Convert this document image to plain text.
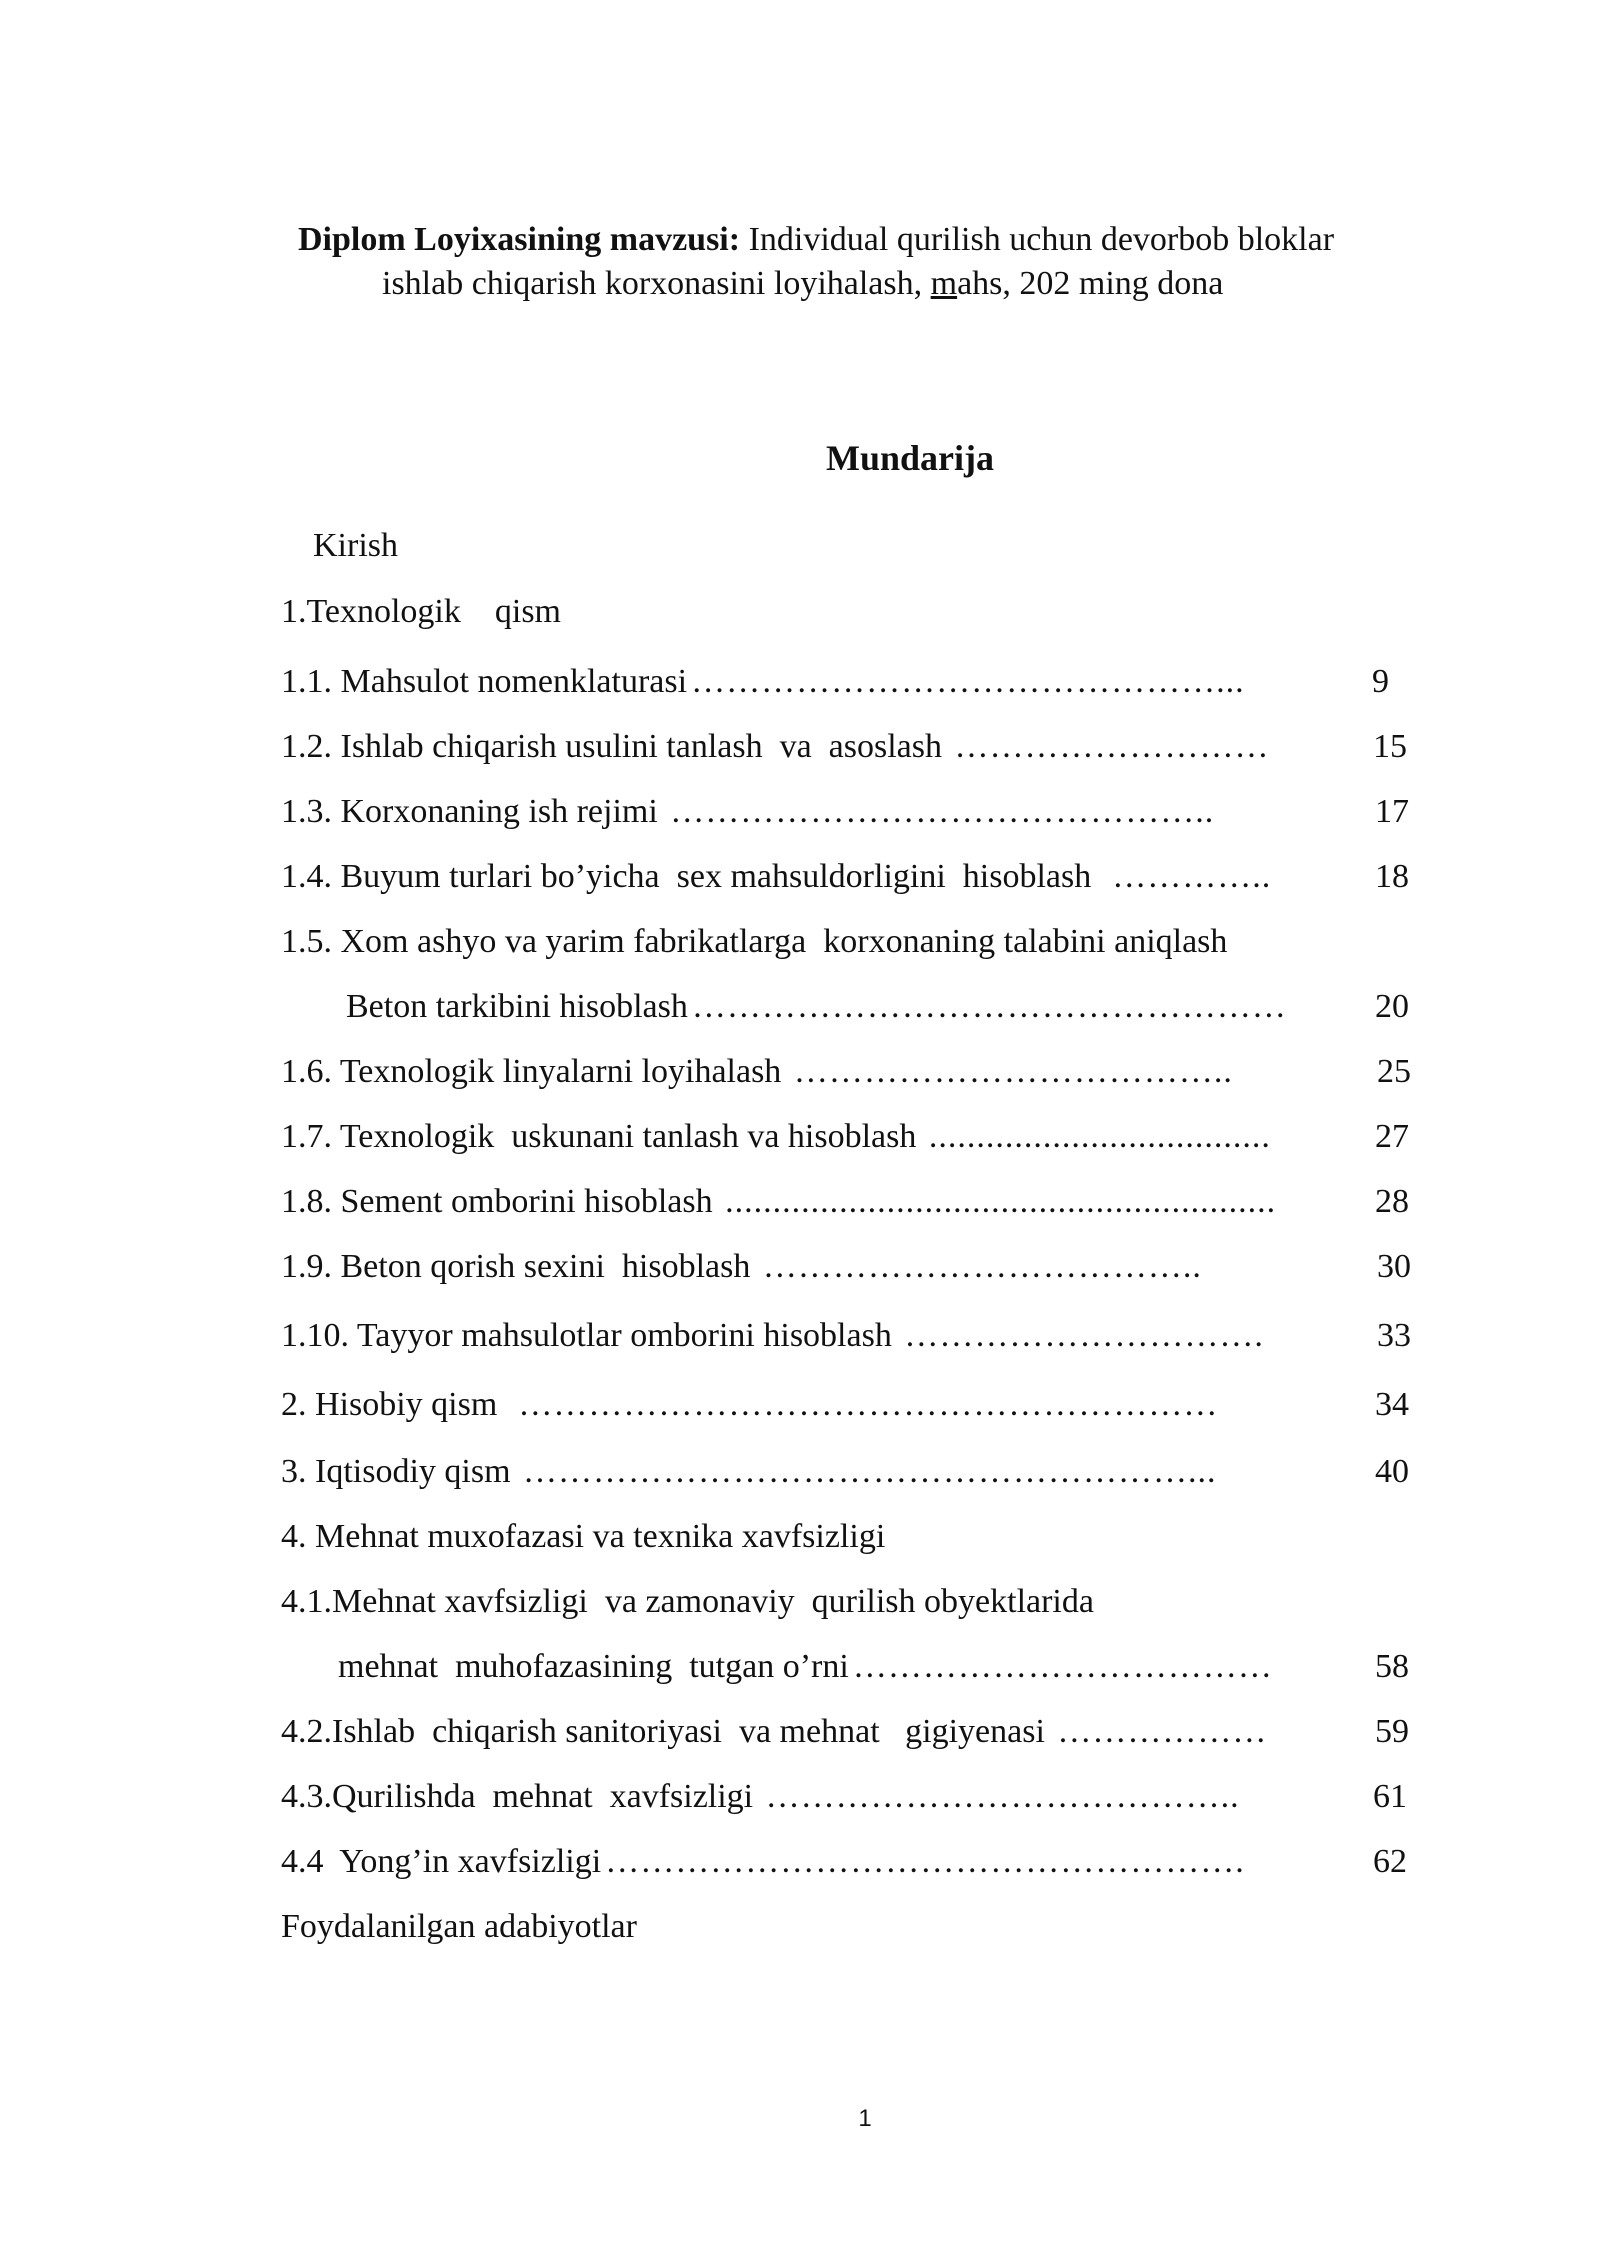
Diplom Loyixasining mavzusi: Individual qurilish uchun devorbob bloklar
ishlab chiqarish korxonasini loyihalash, mahs, 202 ming dona
Mundarija
Kirish
1.Texnologik    qism
1.1. Mahsulot nomenklaturasi ………………………………………...	9
1.2. Ishlab chiqarish usulini tanlash  va  asoslash ………………………	15
1.3. Korxonaning ish rejimi ………………………………………..	17
1.4. Buyum turlari bo’yicha  sex mahsuldorligini  hisoblash …………..	18
1.5. Xom ashyo va yarim fabrikatlarga  korxonaning talabini aniqlash
Beton tarkibini hisoblash ……………………………………………	20
1.6. Texnologik linyalarni loyihalash ………………………………..	25
1.7. Texnologik  uskunani tanlash va hisoblash ....................................	27
1.8. Sement omborini hisoblash ..........................................................	28
1.9. Beton qorish sexini  hisoblash ………………………………..	30
1.10. Tayyor mahsulotlar omborini hisoblash ………………………….	33
2. Hisobiy qism ……………………………………………………	34
3. Iqtisodiy qism …………………………………………………...	40
4. Mehnat muxofazasi va texnika xavfsizligi
4.1.Mehnat xavfsizligi  va zamonaviy  qurilish obyektlarida
mehnat  muhofazasining  tutgan o’rni ………………………………	58
4.2.Ishlab  chiqarish sanitoriyasi  va mehnat   gigiyenasi ………………	59
4.3.Qurilishda  mehnat  xavfsizligi …………………………………..	61
4.4  Yong’in xavfsizligi ……………………………………………….	62
Foydalanilgan adabiyotlar
1
